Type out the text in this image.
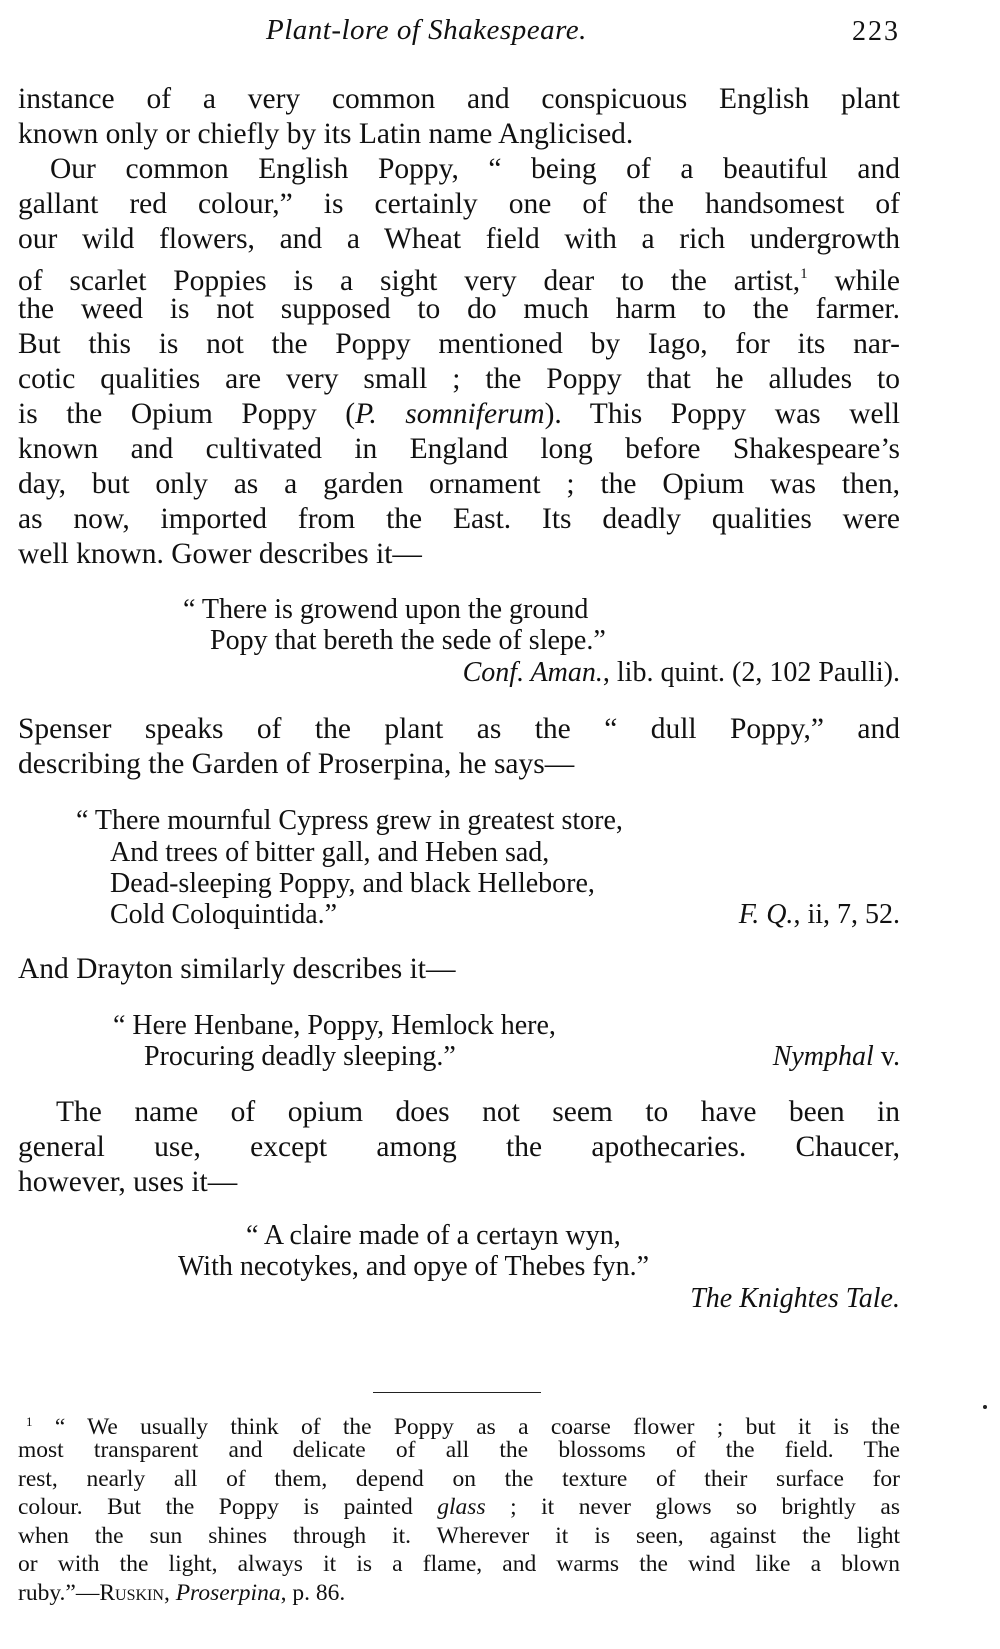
Plant-lore of Shakespeare.	223
instance of a very common and conspicuous English plant
known only or chiefly by its Latin name Anglicised.
Our common English Poppy, “ being of a beautiful and
gallant red colour,” is certainly one of the handsomest of
our wild flowers, and a Wheat field with a rich undergrowth
of scarlet Poppies is a sight very dear to the artist,$^1$ while
the weed is not supposed to do much harm to the farmer.
But this is not the Poppy mentioned by Iago, for its nar-
cotic qualities are very small ; the Poppy that he alludes to
is the Opium Poppy (P. somniferum). This Poppy was well
known and cultivated in England long before Shakespeare’s
day, but only as a garden ornament ; the Opium was then,
as now, imported from the East. Its deadly qualities were
well known. Gower describes it—
“ There is growend upon the ground
Popy that bereth the sede of slepe.”
Conf. Aman., lib. quint. (2, 102 Paulli).
Spenser speaks of the plant as the “ dull Poppy,” and
describing the Garden of Proserpina, he says—
“ There mournful Cypress grew in greatest store,
And trees of bitter gall, and Heben sad,
Dead-sleeping Poppy, and black Hellebore,
Cold Coloquintida.”	F. Q., ii, 7, 52.
And Drayton similarly describes it—
“ Here Henbane, Poppy, Hemlock here,
Procuring deadly sleeping.”	Nymphal v.
The name of opium does not seem to have been in
general use, except among the apothecaries. Chaucer,
however, uses it—
“ A claire made of a certayn wyn,
With necotykes, and opye of Thebes fyn.”
The Knightes Tale.
$^1$ “ We usually think of the Poppy as a coarse flower ; but it is the
most transparent and delicate of all the blossoms of the field. The
rest, nearly all of them, depend on the texture of their surface for
colour. But the Poppy is painted glass ; it never glows so brightly as
when the sun shines through it. Wherever it is seen, against the light
or with the light, always it is a flame, and warms the wind like a blown
ruby.”—Ruskin, Proserpina, p. 86.
